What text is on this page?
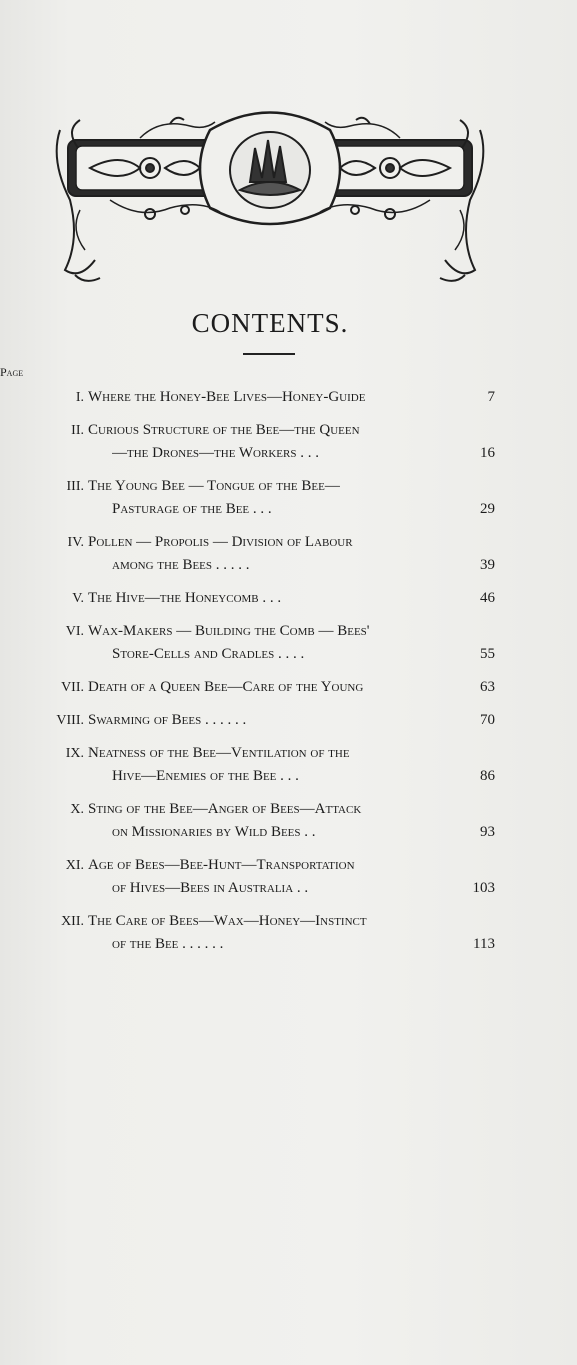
CONTENTS.
Page
I. Where the Honey-Bee Lives—Honey-Guide	7
II. Curious Structure of the Bee—the Queen
—the Drones—the Workers . . .	16
III. The Young Bee — Tongue of the Bee—
Pasturage of the Bee . . .	29
IV. Pollen — Propolis — Division of Labour
among the Bees . . . . .	39
V. The Hive—the Honeycomb . . .	46
VI. Wax-Makers — Building the Comb — Bees'
Store-Cells and Cradles . . . .	55
VII. Death of a Queen Bee—Care of the Young	63
VIII. Swarming of Bees . . . . . .	70
IX. Neatness of the Bee—Ventilation of the
Hive—Enemies of the Bee . . .	86
X. Sting of the Bee—Anger of Bees—Attack
on Missionaries by Wild Bees . .	93
XI. Age of Bees—Bee-Hunt—Transportation
of Hives—Bees in Australia . .	103
XII. The Care of Bees—Wax—Honey—Instinct
of the Bee . . . . . .	113
